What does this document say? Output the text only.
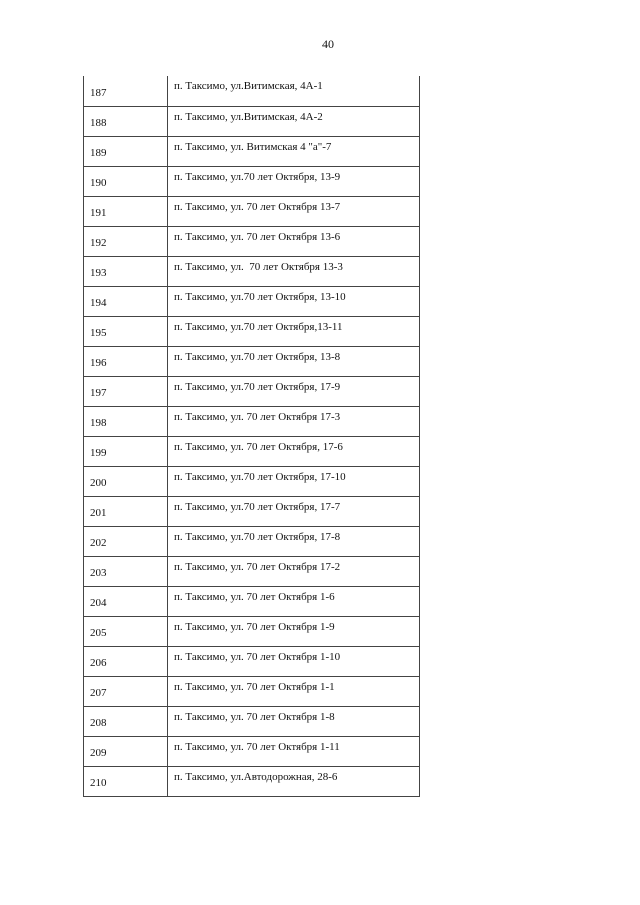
40
187	п. Таксимо, ул.Витимская, 4А-1
188	п. Таксимо, ул.Витимская, 4А-2
189	п. Таксимо, ул. Витимская 4 "а"-7
190	п. Таксимо, ул.70 лет Октября, 13-9
191	п. Таксимо, ул. 70 лет Октября 13-7
192	п. Таксимо, ул. 70 лет Октября 13-6
193	п. Таксимо, ул.  70 лет Октября 13-3
194	п. Таксимо, ул.70 лет Октября, 13-10
195	п. Таксимо, ул.70 лет Октября,13-11
196	п. Таксимо, ул.70 лет Октября, 13-8
197	п. Таксимо, ул.70 лет Октября, 17-9
198	п. Таксимо, ул. 70 лет Октября 17-3
199	п. Таксимо, ул. 70 лет Октября, 17-6
200	п. Таксимо, ул.70 лет Октября, 17-10
201	п. Таксимо, ул.70 лет Октября, 17-7
202	п. Таксимо, ул.70 лет Октября, 17-8
203	п. Таксимо, ул. 70 лет Октября 17-2
204	п. Таксимо, ул. 70 лет Октября 1-6
205	п. Таксимо, ул. 70 лет Октября 1-9
206	п. Таксимо, ул. 70 лет Октября 1-10
207	п. Таксимо, ул. 70 лет Октября 1-1
208	п. Таксимо, ул. 70 лет Октября 1-8
209	п. Таксимо, ул. 70 лет Октября 1-11
210	п. Таксимо, ул.Автодорожная, 28-6
